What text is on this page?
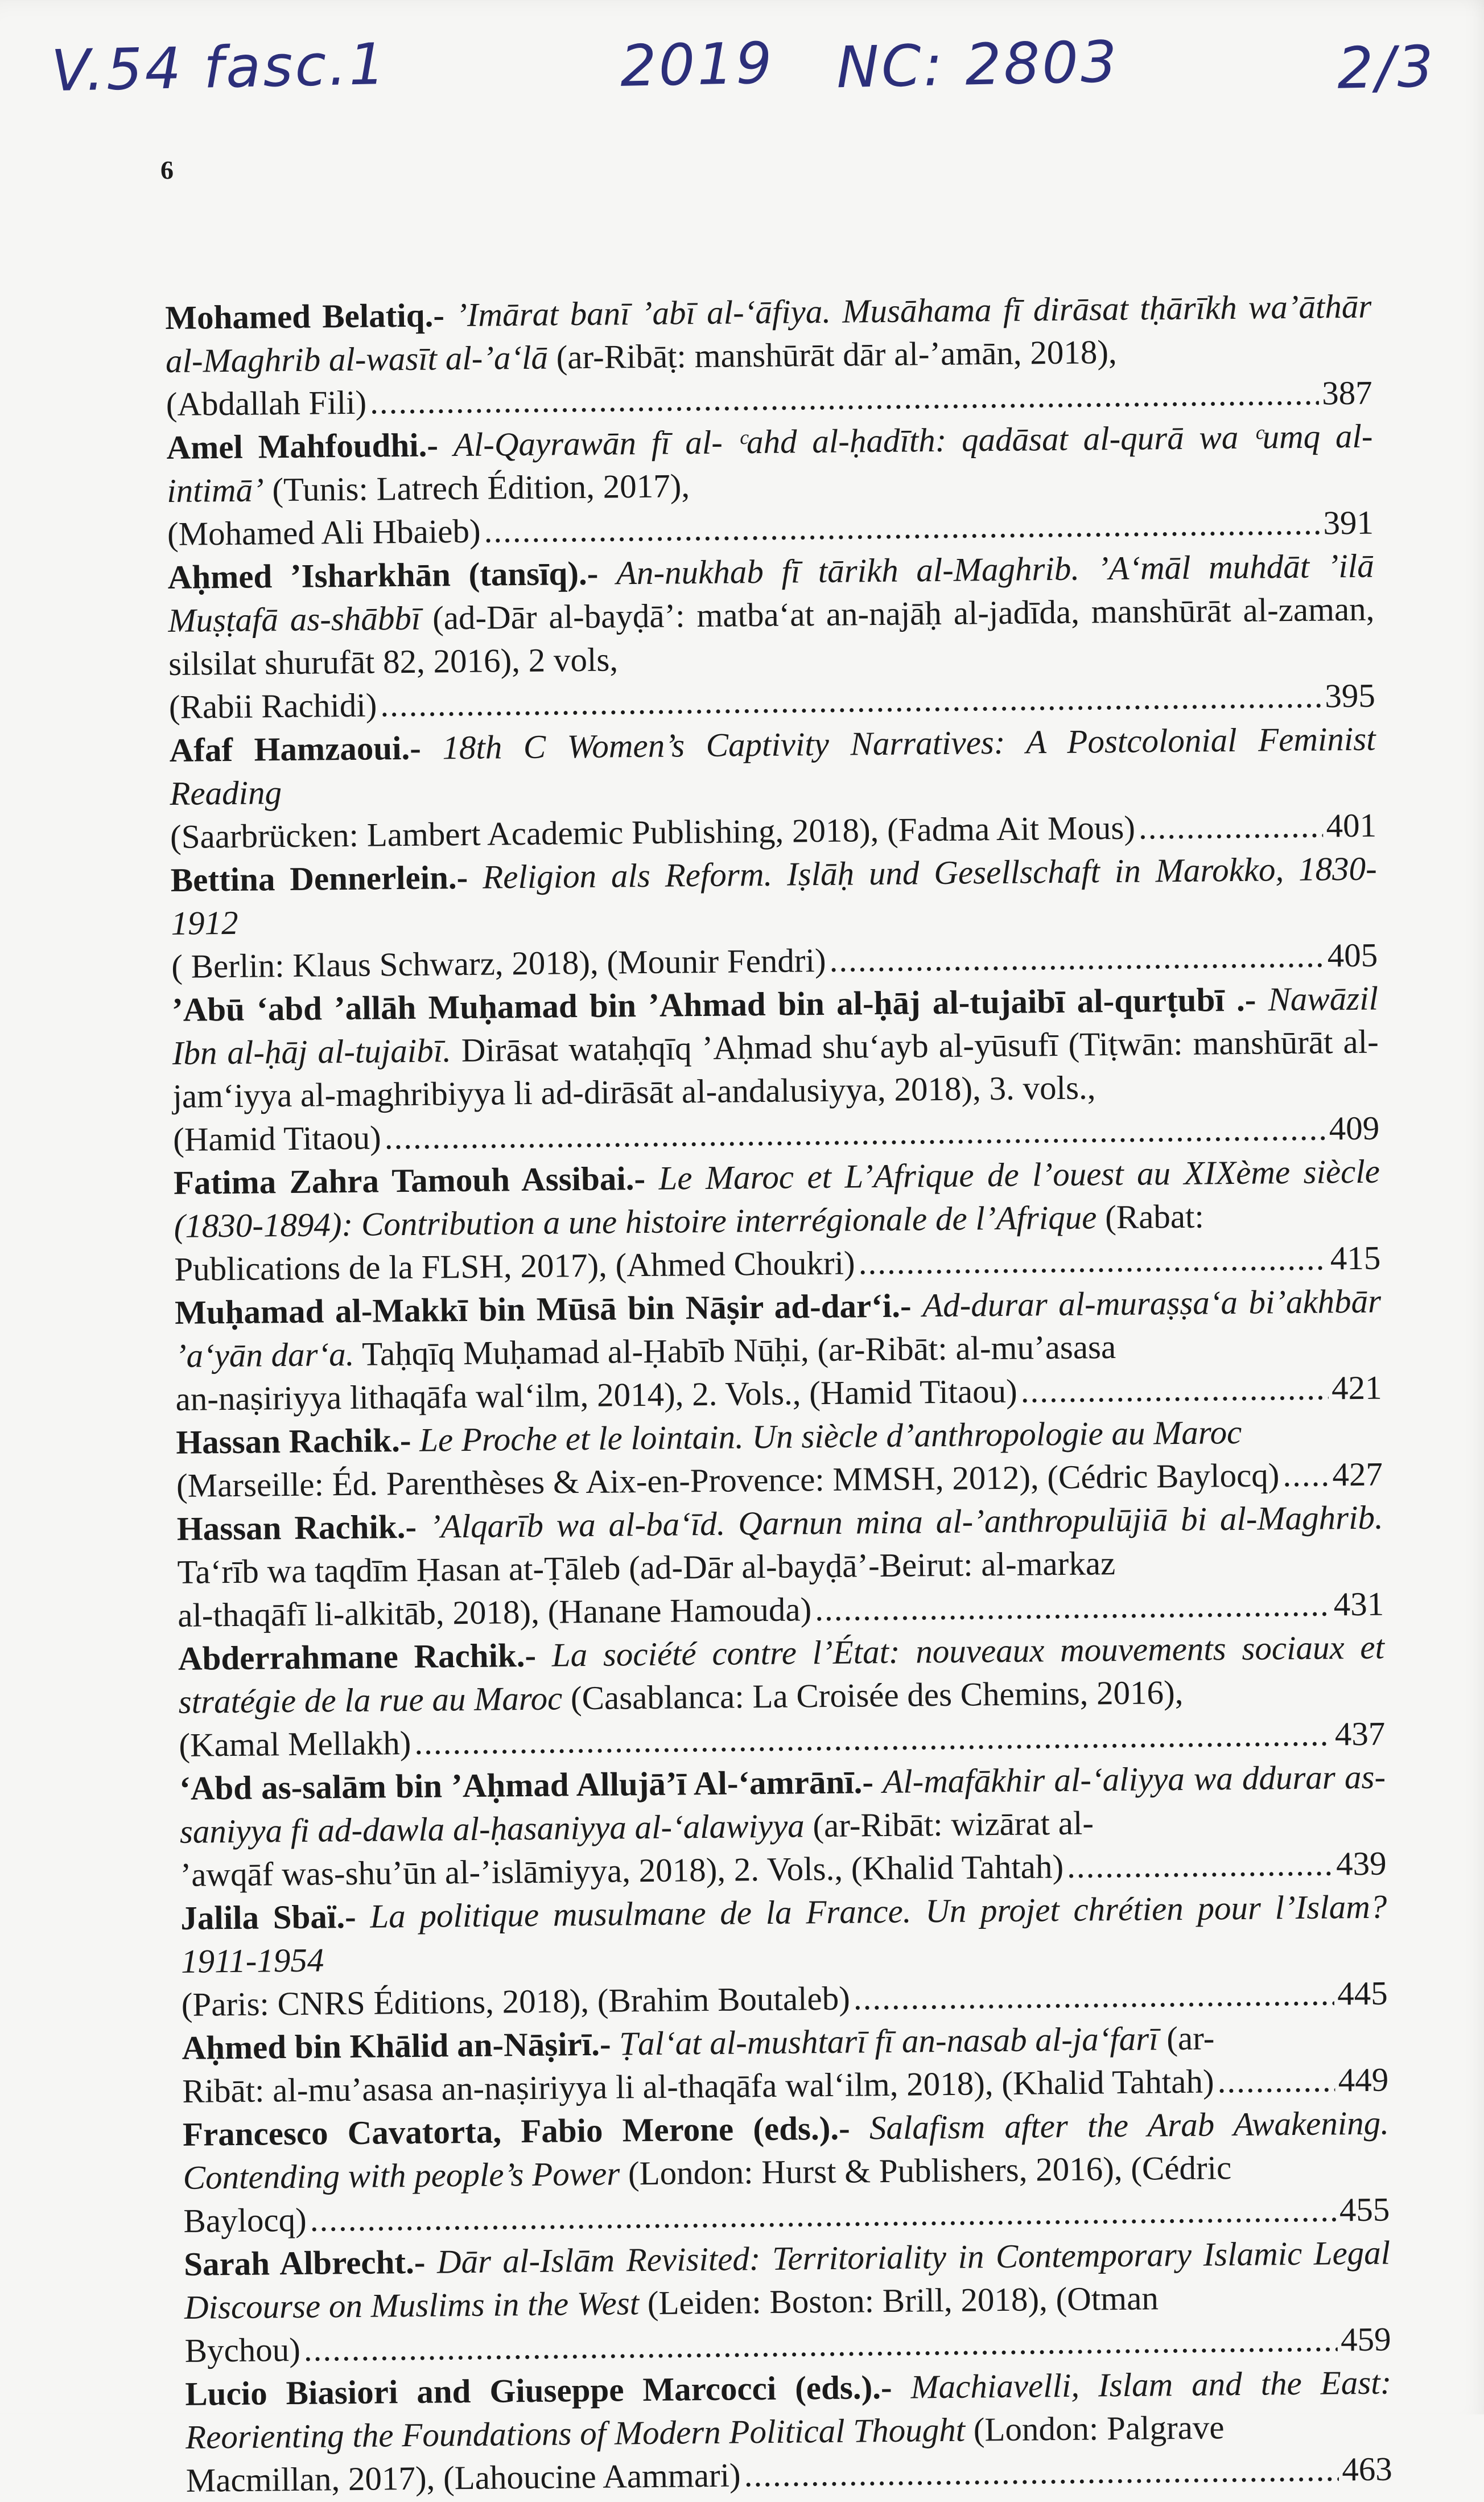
V.54 fasc.1	2019 NC: 2803	2/3
6
Mohamed Belatiq.- ’Imārat banī ’abī al-‘āfiya. Musāhama fī dirāsat tḥārīkh wa’āthār al-Maghrib al-wasīt al-’a‘lā (ar-Ribāṭ: manshūrāt dār al-’amān, 2018),
(Abdallah Fili) .....	387
Amel Mahfoudhi.- Al-Qayrawān fī al- ᶜahd al-ḥadīth: qadāsat al-qurā wa ᶜumq al-intimā’ (Tunis: Latrech Édition, 2017),
(Mohamed Ali Hbaieb) .....	391
Aḥmed ’Isharkhān (tansīq).- An-nukhab fī tārikh al-Maghrib. ’A‘māl muhdāt ’ilā Muṣṭafā as-shābbī (ad-Dār al-bayḍā’: matba‘at an-najāḥ al-jadīda, manshūrāt al-zaman, silsilat shurufāt 82, 2016), 2 vols,
(Rabii Rachidi) .....	395
Afaf Hamzaoui.- 18th C Women’s Captivity Narratives: A Postcolonial Feminist Reading
(Saarbrücken: Lambert Academic Publishing, 2018), (Fadma Ait Mous) .....	401
Bettina Dennerlein.- Religion als Reform. Iṣlāḥ und Gesellschaft in Marokko, 1830-1912
( Berlin: Klaus Schwarz, 2018), (Mounir Fendri) .....	405
’Abū ‘abd ’allāh Muḥamad bin ’Ahmad bin al-ḥāj al-tujaibī al-qurṭubī .- Nawāzil Ibn al-ḥāj al-tujaibī. Dirāsat wataḥqīq ’Aḥmad shu‘ayb al-yūsufī (Tiṭwān: manshūrāt al-jam‘iyya al-maghribiyya li ad-dirāsāt al-andalusiyya, 2018), 3. vols.,
(Hamid Titaou) .....	409
Fatima Zahra Tamouh Assibai.- Le Maroc et L’Afrique de l’ouest au XIXème siècle (1830-1894): Contribution a une histoire interrégionale de l’Afrique (Rabat:
Publications de la FLSH, 2017), (Ahmed Choukri) .....	415
Muḥamad al-Makkī bin Mūsā bin Nāṣir ad-dar‘i.- Ad-durar al-muraṣṣa‘a bi’akhbār ’a‘yān dar‘a. Taḥqīq Muḥamad al-Ḥabīb Nūḥi, (ar-Ribāt: al-mu’asasa
an-naṣiriyya lithaqāfa wal‘ilm, 2014), 2. Vols., (Hamid Titaou) .....	421
Hassan Rachik.- Le Proche et le lointain. Un siècle d’anthropologie au Maroc
(Marseille: Éd. Parenthèses & Aix-en-Provence: MMSH, 2012), (Cédric Baylocq) ..... 427
Hassan Rachik.- ’Alqarīb wa al-ba‘īd. Qarnun mina al-’anthropulūjiā bi al-Maghrib. Ta‘rīb wa taqdīm Ḥasan at-Ṭāleb (ad-Dār al-bayḍā’-Beirut: al-markaz
al-thaqāfī li-alkitāb, 2018), (Hanane Hamouda) .....	431
Abderrahmane Rachik.- La société contre l’État: nouveaux mouvements sociaux et stratégie de la rue au Maroc (Casablanca: La Croisée des Chemins, 2016),
(Kamal Mellakh) .....	437
‘Abd as-salām bin ’Aḥmad Allujā’ī Al-‘amrānī.- Al-mafākhir al-‘aliyya wa ddurar as-saniyya fi ad-dawla al-ḥasaniyya al-‘alawiyya (ar-Ribāt: wizārat al-
’awqāf was-shu’ūn al-’islāmiyya, 2018), 2. Vols., (Khalid Tahtah) .....	439
Jalila Sbaï.- La politique musulmane de la France. Un projet chrétien pour l’Islam? 1911-1954
(Paris: CNRS Éditions, 2018), (Brahim Boutaleb) .....	445
Aḥmed bin Khālid an-Nāṣirī.- Ṭal‘at al-mushtarī fī an-nasab al-ja‘farī (ar-
Ribāt: al-mu’asasa an-naṣiriyya li al-thaqāfa wal‘ilm, 2018), (Khalid Tahtah) .....	449
Francesco Cavatorta, Fabio Merone (eds.).- Salafism after the Arab Awakening. Contending with people’s Power (London: Hurst & Publishers, 2016), (Cédric
Baylocq) .....	455
Sarah Albrecht.- Dār al-Islām Revisited: Territoriality in Contemporary Islamic Legal Discourse on Muslims in the West (Leiden: Boston: Brill, 2018), (Otman
Bychou) .....	459
Lucio Biasiori and Giuseppe Marcocci (eds.).- Machiavelli, Islam and the East: Reorienting the Foundations of Modern Political Thought (London: Palgrave
Macmillan, 2017), (Lahoucine Aammari) .....	463
